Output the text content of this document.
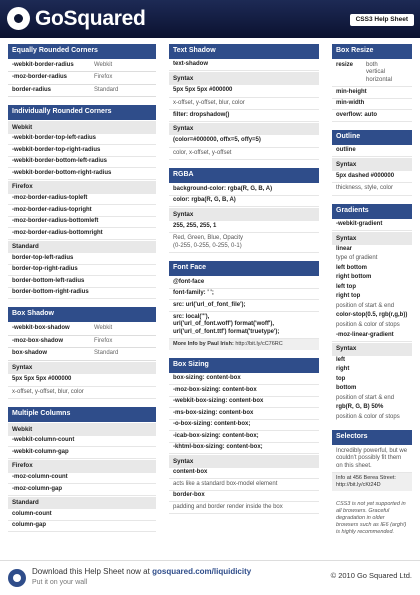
GoSquared	CSS3 Help Sheet
Equally Rounded Corners
-webkit-border-radius	Webkit
-moz-border-radius	Firefox
border-radius	Standard
Individually Rounded Corners
Webkit
-webkit-border-top-left-radius
-webkit-border-top-right-radius
-webkit-border-bottom-left-radius
-webkit-border-bottom-right-radius
Firefox
-moz-border-radius-topleft
-moz-border-radius-topright
-moz-border-radius-bottomleft
-moz-border-radius-bottomright
Standard
border-top-left-radius
border-top-right-radius
border-bottom-left-radius
border-bottom-right-radius
Box Shadow
-webkit-box-shadow	Webkit
-moz-box-shadow	Firefox
box-shadow	Standard
Syntax
5px 5px 5px #000000
x-offset, y-offset, blur, color
Multiple Columns
Webkit
-webkit-column-count
-webkit-column-gap
Firefox
-moz-column-count
-moz-column-gap
Standard
column-count
column-gap
Text Shadow
text-shadow
Syntax
5px 5px 5px #000000
x-offset, y-offset, blur, color
filter: dropshadow()
Syntax
(color=#000000, offx=5, offy=5)
color, x-offset, y-offset
RGBA
background-color: rgba(R, G, B, A)
color: rgba(R, G, B, A)
Syntax
255, 255, 255, 1
Red, Green, Blue, Opacity
(0-255, 0-255, 0-255, 0-1)
Font Face
@font-face
font-family: ' ';
src: url('url_of_font_file');
src: local('''),
url('url_of_font.woff') format('woff'),
url('url_of_font.ttf') format('truetype');
More Info by Paul Irish: http://bit.ly/cC76RC
Box Sizing
box-sizing: content-box
-moz-box-sizing: content-box
-webkit-box-sizing: content-box
-ms-box-sizing: content-box
-o-box-sizing: content-box;
-icab-box-sizing: content-box;
-khtml-box-sizing: content-box;
Syntax
content-box
acts like a standard box-model element
border-box
padding and border render inside the box
Box Resize
resize	both
vertical
horizontal
min-height
min-width
overflow: auto
Outline
outline
Syntax
5px dashed #000000
thickness, style, color
Gradients
-webkit-gradient
Syntax
linear
type of gradient
left bottom
right bottom
left top
right top
position of start & end
color-stop(0.5, rgb(r,g,b))
position & color of stops
-moz-linear-gradient
Syntax
left
right
top
bottom
position of start & end
rgb(R, G, B) 50%
position & color of stops
Selectors
Incredibly powerful, but we couldn't possibly fit them on this sheet.
Info at 456 Berea Street: http://bit.ly/cKt24D
CSS3 is not yet supported in all browsers. Graceful degradation in older browsers such as IE6 (argh!) is highly recommended.
Download this Help Sheet now at gosquared.com/liquidicity
Put it on your wall
© 2010 Go Squared Ltd.
